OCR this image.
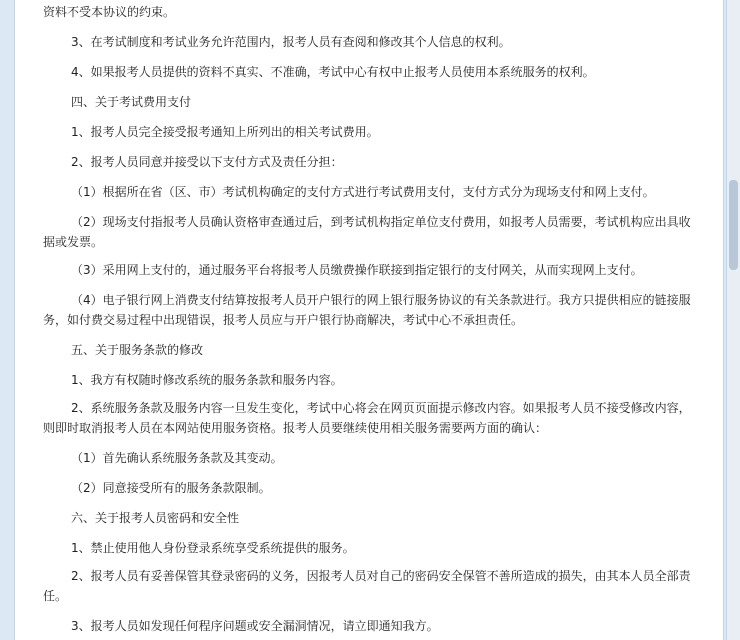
资料不受本协议的约束。
3、在考试制度和考试业务允许范围内，报考人员有查阅和修改其个人信息的权利。
4、如果报考人员提供的资料不真实、不准确，考试中心有权中止报考人员使用本系统服务的权利。
四、关于考试费用支付
1、报考人员完全接受报考通知上所列出的相关考试费用。
2、报考人员同意并接受以下支付方式及责任分担：
（1）根据所在省（区、市）考试机构确定的支付方式进行考试费用支付，支付方式分为现场支付和网上支付。
（2）现场支付指报考人员确认资格审查通过后，到考试机构指定单位支付费用，如报考人员需要，考试机构应出具收
据或发票。
（3）采用网上支付的，通过服务平台将报考人员缴费操作联接到指定银行的支付网关，从而实现网上支付。
（4）电子银行网上消费支付结算按报考人员开户银行的网上银行服务协议的有关条款进行。我方只提供相应的链接服
务，如付费交易过程中出现错误，报考人员应与开户银行协商解决，考试中心不承担责任。
五、关于服务条款的修改
1、我方有权随时修改系统的服务条款和服务内容。
2、系统服务条款及服务内容一旦发生变化，考试中心将会在网页页面提示修改内容。如果报考人员不接受修改内容，
则即时取消报考人员在本网站使用服务资格。报考人员要继续使用相关服务需要两方面的确认：
（1）首先确认系统服务条款及其变动。
（2）同意接受所有的服务条款限制。
六、关于报考人员密码和安全性
1、禁止使用他人身份登录系统享受系统提供的服务。
2、报考人员有妥善保管其登录密码的义务，因报考人员对自己的密码安全保管不善所造成的损失，由其本人员全部责
任。
3、报考人员如发现任何程序问题或安全漏洞情况，请立即通知我方。
